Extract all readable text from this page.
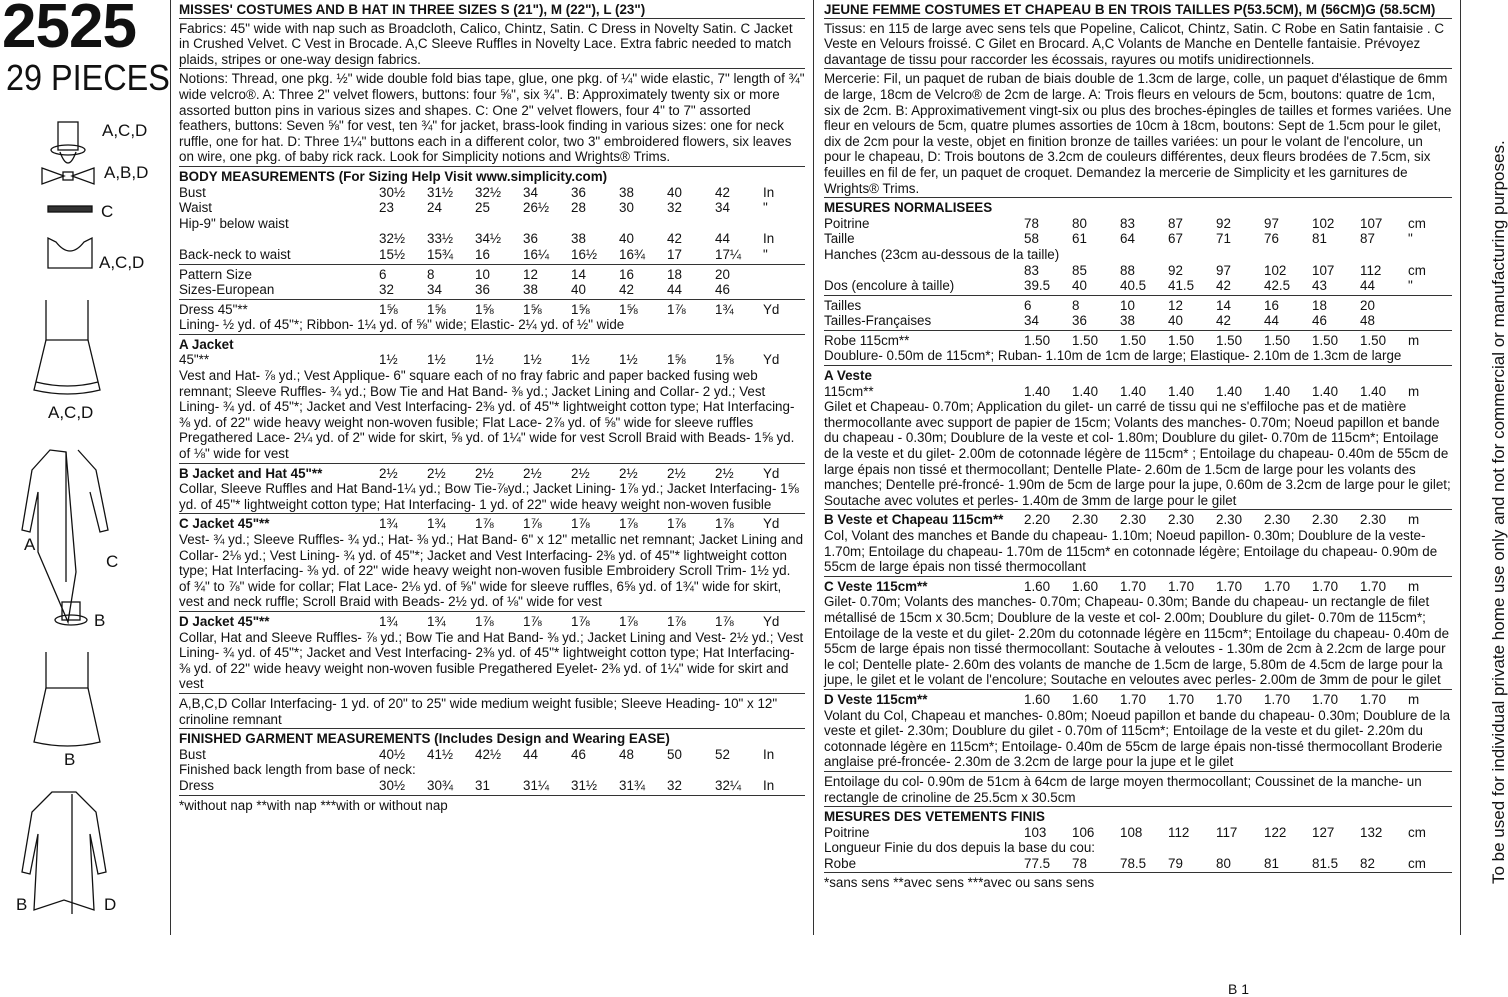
2525
29 PIECES
A,C,D
A,B,D
C
A,C,D
A,C,D
A
C
B
B
B	D

MISSES' COSTUMES AND B HAT IN THREE SIZES S (21"), M (22"), L (23")

Fabrics: 45" wide with nap such as Broadcloth, Calico, Chintz, Satin. C Dress in Novelty Satin. C Jacket in Crushed Velvet. C Vest in Brocade. A,C Sleeve Ruffles in Novelty Lace. Extra fabric needed to match plaids, stripes or one-way design fabrics.

Notions: Thread, one pkg. ½" wide double fold bias tape, glue, one pkg. of ¼" wide elastic, 7" length of ¾" wide velcro®. A: Three 2" velvet flowers, buttons: four ⅝", six ¾". B: Approximately twenty six or more assorted button pins in various sizes and shapes. C: One 2" velvet flowers, four 4" to 7" assorted feathers, buttons: Seven ⅝" for vest, ten ¾" for jacket, brass-look finding in various sizes: one for neck ruffle, one for hat. D: Three 1¼" buttons each in a different color, two 3" embroidered flowers, six leaves on wire, one pkg. of baby rick rack. Look for Simplicity notions and Wrights® Trims.

BODY MEASUREMENTS (For Sizing Help Visit www.simplicity.com)
Bust	30½	31½	32½	34	36	38	40	42	In
Waist	23	24	25	26½	28	30	32	34	"
Hip-9" below waist
32½	33½	34½	36	38	40	42	44	In
Back-neck to waist	15½	15¾	16	16¼	16½	16¾	17	17¼	"
Pattern Size	6	8	10	12	14	16	18	20
Sizes-European	32	34	36	38	40	42	44	46
Dress 45"**	1⅝	1⅝	1⅝	1⅝	1⅝	1⅝	1⅞	1¾	Yd

Lining- ½ yd. of 45"*; Ribbon- 1¼ yd. of ⅝" wide; Elastic- 2¼ yd. of ½" wide

A Jacket
45"**	1½	1½	1½	1½	1½	1½	1⅝	1⅝	Yd

Vest and Hat- ⅞ yd.; Vest Applique- 6" square each of no fray fabric and paper backed fusing web remnant; Sleeve Ruffles- ¾ yd.; Bow Tie and Hat Band- ⅜ yd.; Jacket Lining and Collar- 2 yd.; Vest Lining- ¾ yd. of 45"*; Jacket and Vest Interfacing- 2⅜ yd. of 45"* lightweight cotton type; Hat Interfacing- ⅜ yd. of 22" wide heavy weight non-woven fusible; Flat Lace- 2⅞ yd. of ⅝" wide for sleeve ruffles Pregathered Lace- 2¼ yd. of 2" wide for skirt, ⅝ yd. of 1¼" wide for vest Scroll Braid with Beads- 1⅝ yd. of ⅛" wide for vest

B Jacket and Hat 45"**	2½	2½	2½	2½	2½	2½	2½	2½	Yd

Collar, Sleeve Ruffles and Hat Band-1¼ yd.; Bow Tie-⅞yd.; Jacket Lining- 1⅞ yd.; Jacket Interfacing- 1⅝ yd. of 45"* lightweight cotton type; Hat Interfacing- 1 yd. of 22" wide heavy weight non-woven fusible

C Jacket 45"**	1¾	1¾	1⅞	1⅞	1⅞	1⅞	1⅞	1⅞	Yd

Vest- ¾ yd.; Sleeve Ruffles- ¾ yd.; Hat- ⅜ yd.; Hat Band- 6" x 12" metallic net remnant; Jacket Lining and Collar- 2⅛ yd.; Vest Lining- ¾ yd. of 45"*; Jacket and Vest Interfacing- 2⅜ yd. of 45"* lightweight cotton type; Hat Interfacing- ⅜ yd. of 22" wide heavy weight non-woven fusible Embroidery Scroll Trim- 1½ yd. of ¾" to ⅞" wide for collar; Flat Lace- 2⅛ yd. of ⅝" wide for sleeve ruffles, 6⅝ yd. of 1¾" wide for skirt, vest and neck ruffle; Scroll Braid with Beads- 2½ yd. of ⅛" wide for vest

D Jacket 45"**	1¾	1¾	1⅞	1⅞	1⅞	1⅞	1⅞	1⅞	Yd

Collar, Hat and Sleeve Ruffles- ⅞ yd.; Bow Tie and Hat Band- ⅜ yd.; Jacket Lining and Vest- 2½ yd.; Vest Lining- ¾ yd. of 45"*; Jacket and Vest Interfacing- 2⅜ yd. of 45"* lightweight cotton type; Hat Interfacing-⅜ yd. of 22" wide heavy weight non-woven fusible Pregathered Eyelet- 2⅜ yd. of 1¼" wide for skirt and vest

A,B,C,D Collar Interfacing- 1 yd. of 20" to 25" wide medium weight fusible; Sleeve Heading- 10" x 12" crinoline remnant

FINISHED GARMENT MEASUREMENTS (Includes Design and Wearing EASE)
Bust	40½	41½	42½	44	46	48	50	52	In
Finished back length from base of neck:
Dress	30½	30¾	31	31¼	31½	31¾	32	32¼	In

*without nap **with nap ***with or without nap

JEUNE FEMME COSTUMES ET CHAPEAU B EN TROIS TAILLES P(53.5CM), M (56CM)G (58.5CM)

Tissus: en 115 de large avec sens tels que Popeline, Calicot, Chintz, Satin. C Robe en Satin fantaisie . C Veste en Velours froissé. C Gilet en Brocard. A,C Volants de Manche en Dentelle fantaisie. Prévoyez davantage de tissu pour raccorder les écossais, rayures ou motifs unidirectionnels.

Mercerie: Fil, un paquet de ruban de biais double de 1.3cm de large, colle, un paquet d'élastique de 6mm de large, 18cm de Velcro® de 2cm de large. A: Trois fleurs en velours de 5cm, boutons: quatre de 1cm, six de 2cm. B: Approximativement vingt-six ou plus des broches-épingles de tailles et formes variées. Une fleur en velours de 5cm, quatre plumes assorties de 10cm à 18cm, boutons: Sept de 1.5cm pour le gilet, dix de 2cm pour la veste, objet en finition bronze de tailles variées: un pour le volant de l'encolure, un pour le chapeau, D: Trois boutons de 3.2cm de couleurs différentes, deux fleurs brodées de 7.5cm, six feuilles en fil de fer, un paquet de croquet. Demandez la mercerie de Simplicity et les garnitures de Wrights® Trims.

MESURES NORMALISEES
Poitrine	78	80	83	87	92	97	102	107	cm
Taille	58	61	64	67	71	76	81	87	"
Hanches (23cm au-dessous de la taille)
83	85	88	92	97	102	107	112	cm
Dos (encolure à taille)	39.5	40	40.5	41.5	42	42.5	43	44	"
Tailles	6	8	10	12	14	16	18	20
Tailles-Françaises	34	36	38	40	42	44	46	48
Robe 115cm**	1.50	1.50	1.50	1.50	1.50	1.50	1.50	1.50	m

Doublure- 0.50m de 115cm*; Ruban- 1.10m de 1cm de large; Elastique- 2.10m de 1.3cm de large

A Veste
115cm**	1.40	1.40	1.40	1.40	1.40	1.40	1.40	1.40	m

Gilet et Chapeau- 0.70m; Application du gilet- un carré de tissu qui ne s'effiloche pas et de matière thermocollante avec support de papier de 15cm; Volants des manches- 0.70m; Noeud papillon et bande du chapeau - 0.30m; Doublure de la veste et col- 1.80m; Doublure du gilet- 0.70m de 115cm*; Entoilage de la veste et du gilet- 2.00m de cotonnade légère de 115cm* ; Entoilage du chapeau- 0.40m de 55cm de large épais non tissé et thermocollant; Dentelle Plate- 2.60m de 1.5cm de large pour les volants des manches; Dentelle pré-froncé- 1.90m de 5cm de large pour la jupe, 0.60m de 3.2cm de large pour le gilet; Soutache avec volutes et perles- 1.40m de 3mm de large pour le gilet

B Veste et Chapeau 115cm**	2.20	2.30	2.30	2.30	2.30	2.30	2.30	2.30	m

Col, Volant des manches et Bande du chapeau- 1.10m; Noeud papillon- 0.30m; Doublure de la veste- 1.70m; Entoilage du chapeau- 1.70m de 115cm* en cotonnade légère; Entoilage du chapeau- 0.90m de 55cm de large épais non tissé thermocollant

C Veste 115cm**	1.60	1.60	1.70	1.70	1.70	1.70	1.70	1.70	m

Gilet- 0.70m; Volants des manches- 0.70m; Chapeau- 0.30m; Bande du chapeau- un rectangle de filet métallisé de 15cm x 30.5cm; Doublure de la veste et col- 2.00m; Doublure du gilet- 0.70m de 115cm*; Entoilage de la veste et du gilet- 2.20m du cotonnade légère en 115cm*; Entoilage du chapeau- 0.40m de 55cm de large épais non tissé thermocollant: Soutache à veloutes - 1.30m de 2cm à 2.2cm de large pour le col; Dentelle plate- 2.60m des volants de manche de 1.5cm de large, 5.80m de 4.5cm de large pour la jupe, le gilet et le volant de l'encolure; Soutache en veloutes avec perles- 2.00m de 3mm de pour le gilet

D Veste 115cm**	1.60	1.60	1.70	1.70	1.70	1.70	1.70	1.70	m

Volant du Col, Chapeau et manches- 0.80m; Noeud papillon et bande du chapeau- 0.30m; Doublure de la veste et gilet- 2.30m; Doublure du gilet - 0.70m of 115cm*; Entoilage de la veste et du gilet- 2.20m du cotonnade légère en 115cm*; Entoilage- 0.40m de 55cm de large épais non-tissé thermocollant Broderie anglaise pré-froncée- 2.30m de 3.2cm de large pour la jupe et le gilet

Entoilage du col- 0.90m de 51cm à 64cm de large moyen thermocollant; Coussinet de la manche- un rectangle de crinoline de 25.5cm x 30.5cm

MESURES DES VETEMENTS FINIS
Poitrine	103	106	108	112	117	122	127	132	cm
Longueur Finie du dos depuis la base du cou:
Robe	77.5	78	78.5	79	80	81	81.5	82	cm

*sans sens **avec sens ***avec ou sans sens	To be used for individual private home use only and not for commercial or manufacturing purposes.
B 1
